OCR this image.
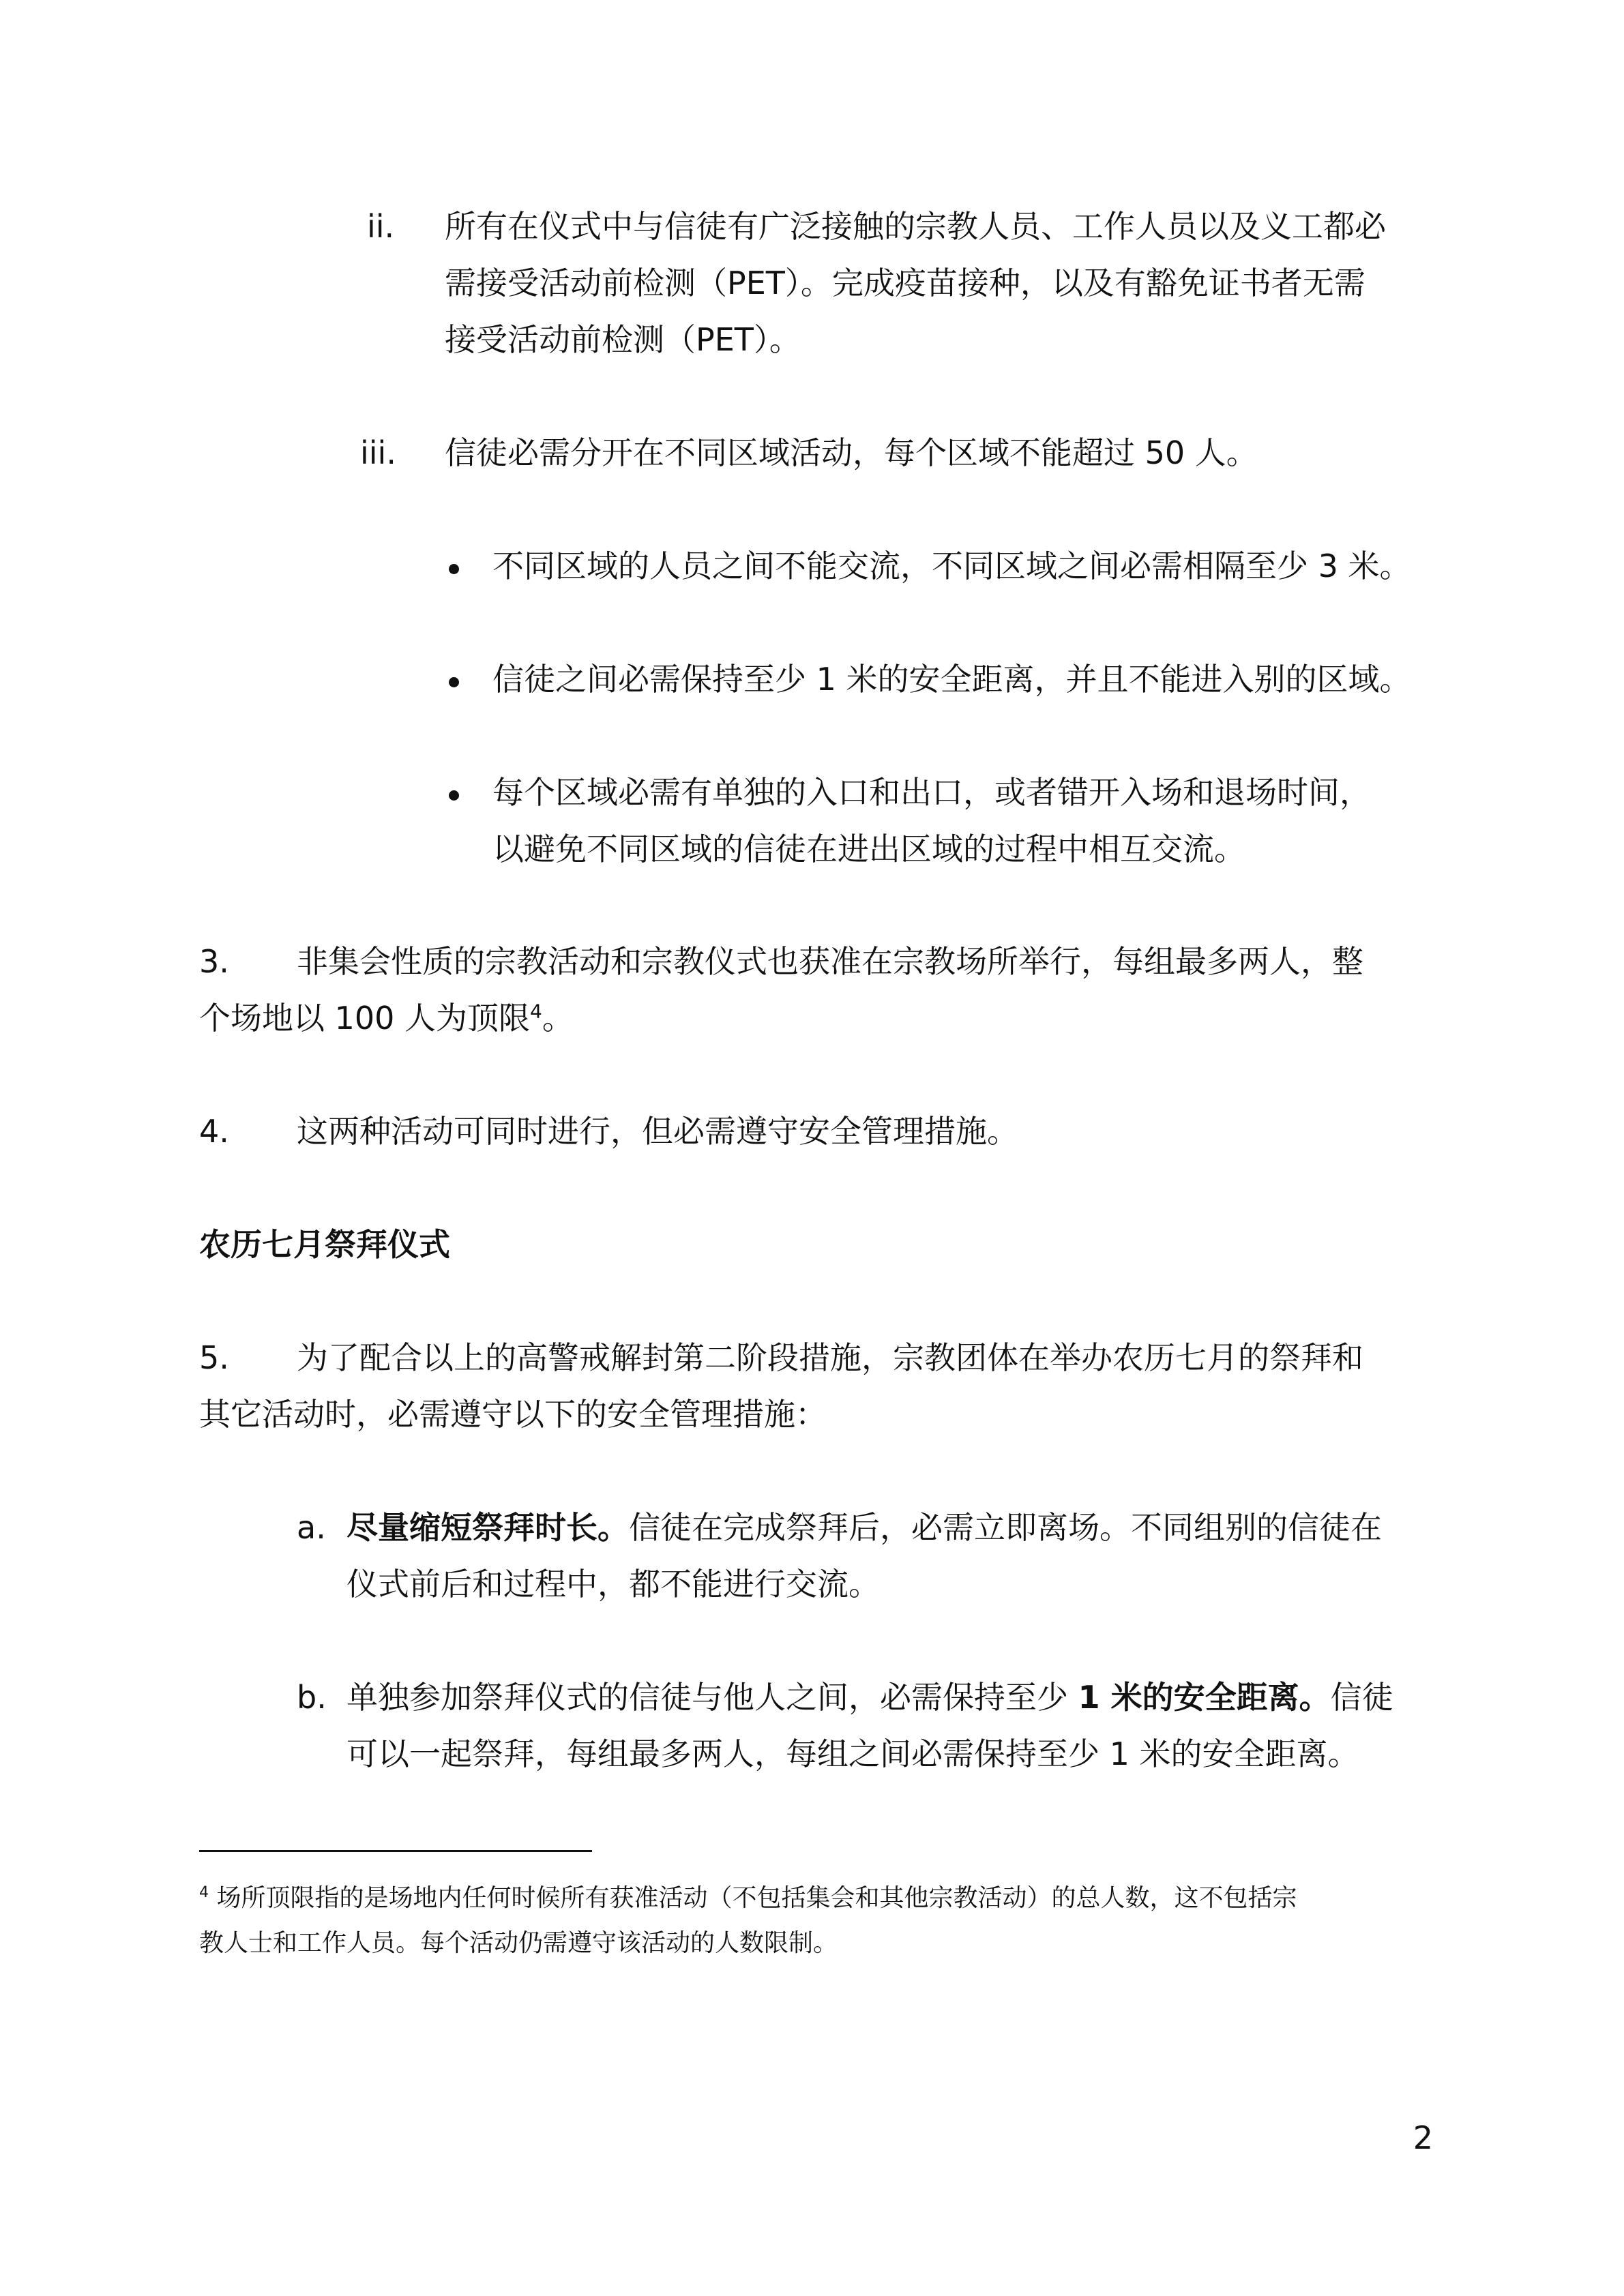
ii. 所有在仪式中与信徒有广泛接触的宗教人员、工作人员以及义工都必
需接受活动前检测（PET）。完成疫苗接种，以及有豁免证书者无需
接受活动前检测（PET）。
iii. 信徒必需分开在不同区域活动，每个区域不能超过 50 人。
不同区域的人员之间不能交流，不同区域之间必需相隔至少 3 米。
信徒之间必需保持至少 1 米的安全距离，并且不能进入别的区域。
每个区域必需有单独的入口和出口，或者错开入场和退场时间，
以避免不同区域的信徒在进出区域的过程中相互交流。
3. 非集会性质的宗教活动和宗教仪式也获准在宗教场所举行，每组最多两人，整
个场地以 100 人为顶限$^4$。
4. 这两种活动可同时进行，但必需遵守安全管理措施。
农历七月祭拜仪式
5. 为了配合以上的高警戒解封第二阶段措施，宗教团体在举办农历七月的祭拜和
其它活动时，必需遵守以下的安全管理措施：
a. 尽量缩短祭拜时长。信徒在完成祭拜后，必需立即离场。不同组别的信徒在
仪式前后和过程中，都不能进行交流。
b. 单独参加祭拜仪式的信徒与他人之间，必需保持至少 1 米的安全距离。信徒
可以一起祭拜，每组最多两人，每组之间必需保持至少 1 米的安全距离。
$^4$ 场所顶限指的是场地内任何时候所有获准活动（不包括集会和其他宗教活动）的总人数，这不包括宗
教人士和工作人员。每个活动仍需遵守该活动的人数限制。
2
